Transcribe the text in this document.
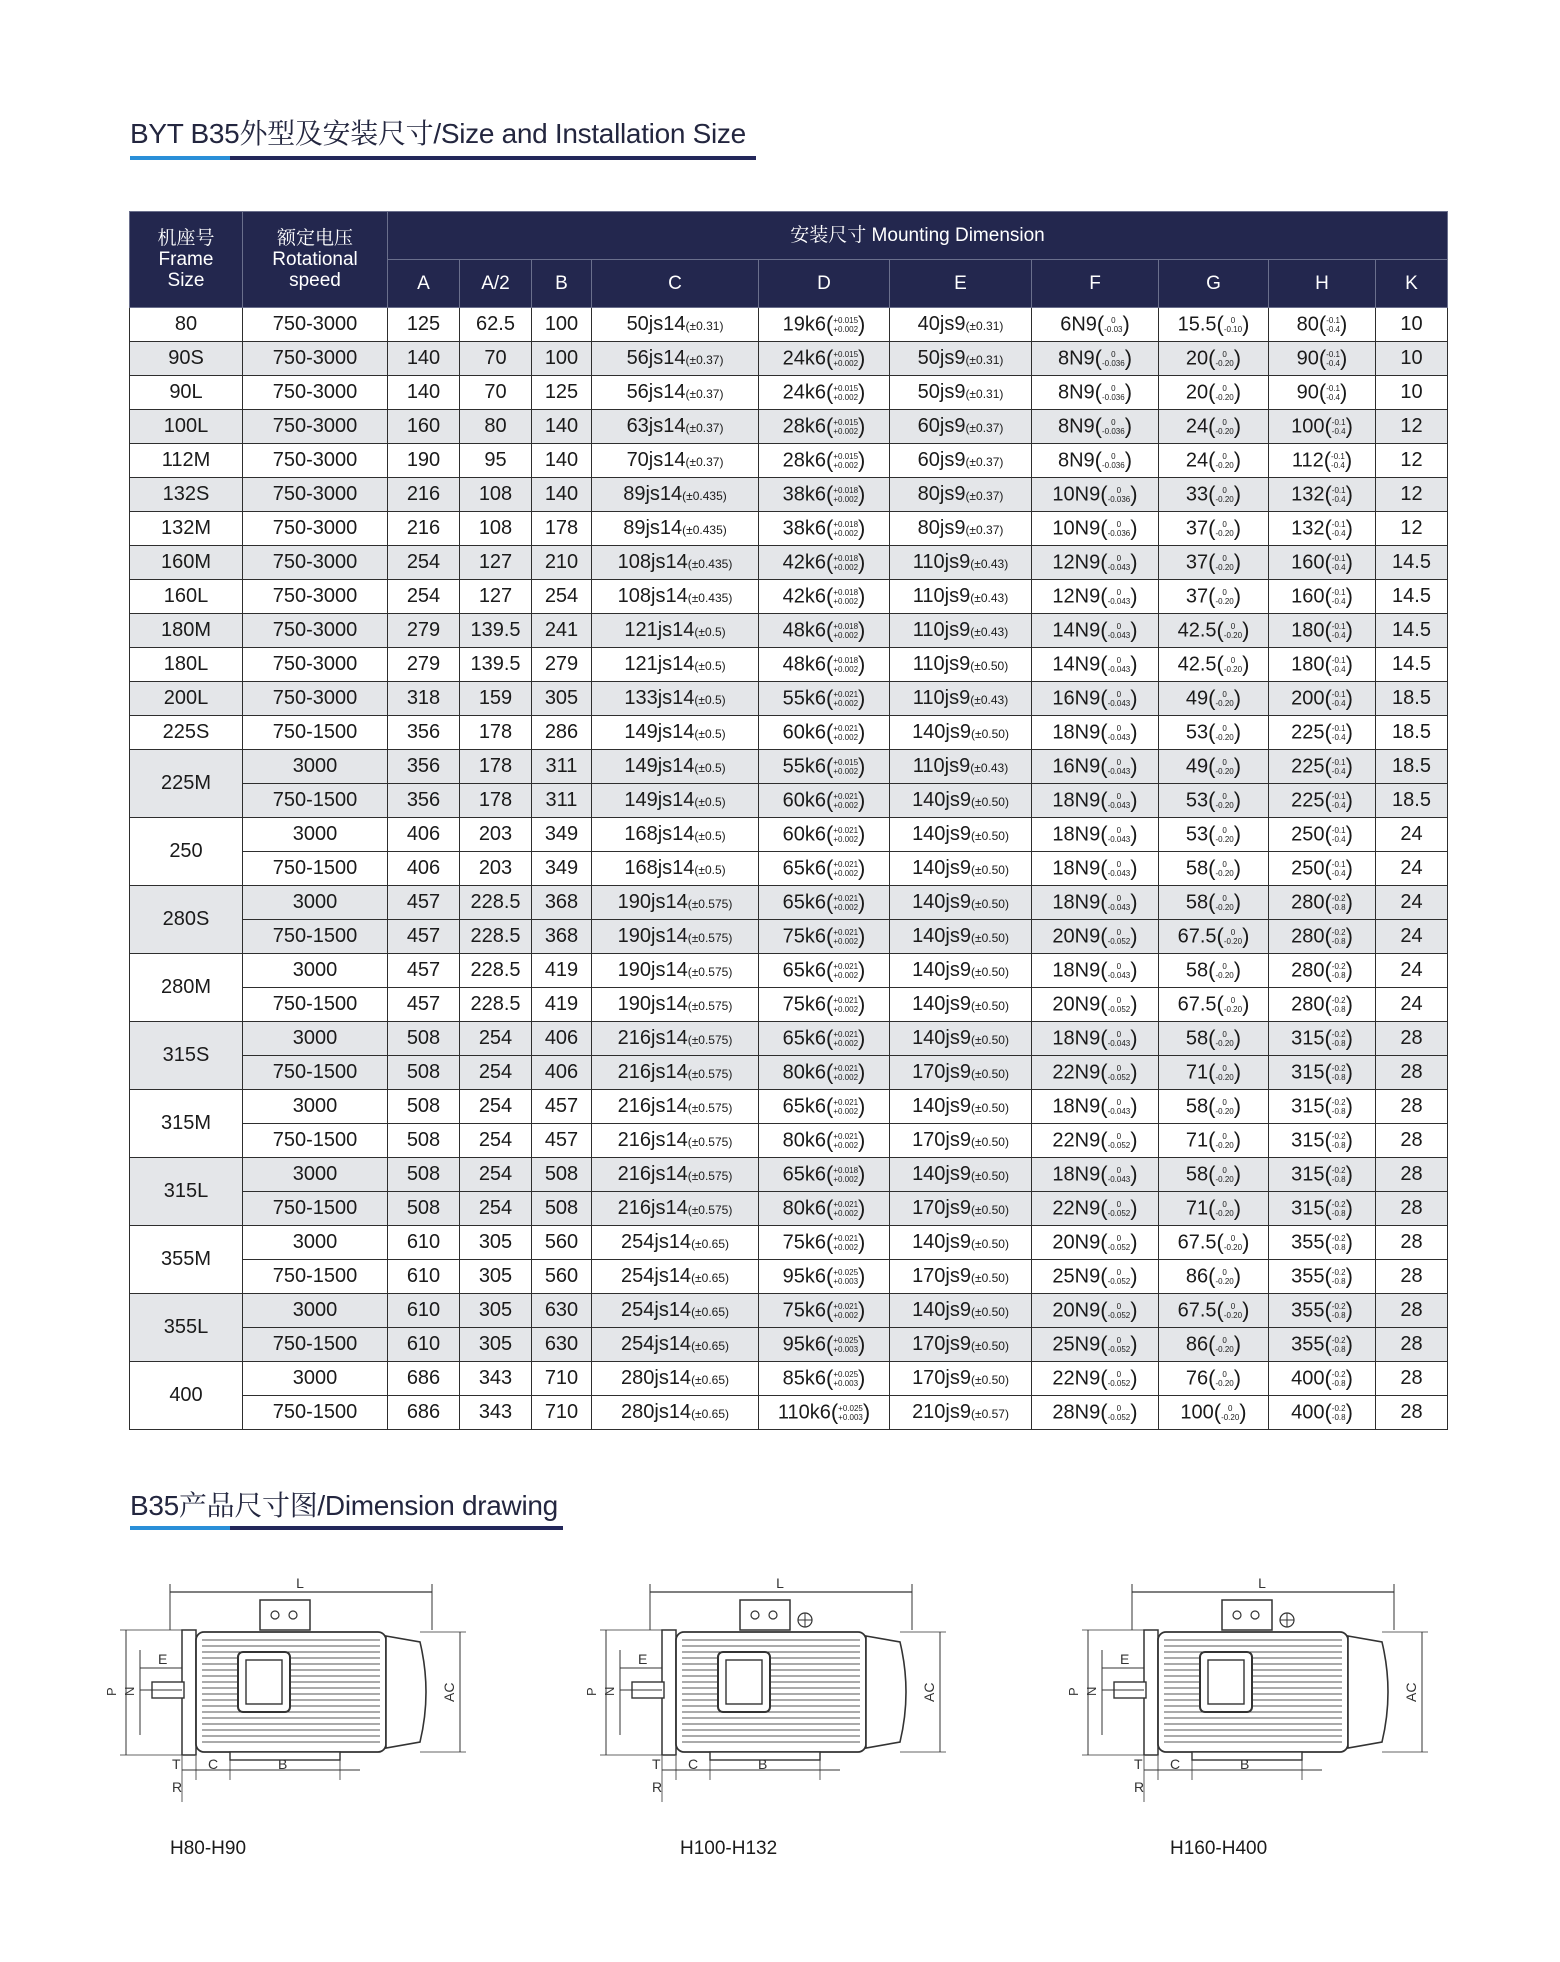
BYT B35外型及安装尺寸/Size and Installation Size
机座号
Frame
Size	额定电压
Rotational
speed	安装尺寸 Mounting Dimension									
		A	A/2	B	C	D	E	F	G	H	K
80	750-3000	125	62.5	100	50js14(±0.31)	19k6( +0.015
+0.002 )	40js9(±0.31)	6N9( 0
-0.03 )	15.5( 0
-0.10 )	80( -0.1
-0.4 )	10
90S	750-3000	140	70	100	56js14(±0.37)	24k6( +0.015
+0.002 )	50js9(±0.31)	8N9( 0
-0.036 )	20( 0
-0.20 )	90( -0.1
-0.4 )	10
90L	750-3000	140	70	125	56js14(±0.37)	24k6( +0.015
+0.002 )	50js9(±0.31)	8N9( 0
-0.036 )	20( 0
-0.20 )	90( -0.1
-0.4 )	10
100L	750-3000	160	80	140	63js14(±0.37)	28k6( +0.015
+0.002 )	60js9(±0.37)	8N9( 0
-0.036 )	24( 0
-0.20 )	100( -0.1
-0.4 )	12
112M	750-3000	190	95	140	70js14(±0.37)	28k6( +0.015
+0.002 )	60js9(±0.37)	8N9( 0
-0.036 )	24( 0
-0.20 )	112( -0.1
-0.4 )	12
132S	750-3000	216	108	140	89js14(±0.435)	38k6( +0.018
+0.002 )	80js9(±0.37)	10N9( 0
-0.036 )	33( 0
-0.20 )	132( -0.1
-0.4 )	12
132M	750-3000	216	108	178	89js14(±0.435)	38k6( +0.018
+0.002 )	80js9(±0.37)	10N9( 0
-0.036 )	37( 0
-0.20 )	132( -0.1
-0.4 )	12
160M	750-3000	254	127	210	108js14(±0.435)	42k6( +0.018
+0.002 )	110js9(±0.43)	12N9( 0
-0.043 )	37( 0
-0.20 )	160( -0.1
-0.4 )	14.5
160L	750-3000	254	127	254	108js14(±0.435)	42k6( +0.018
+0.002 )	110js9(±0.43)	12N9( 0
-0.043 )	37( 0
-0.20 )	160( -0.1
-0.4 )	14.5
180M	750-3000	279	139.5	241	121js14(±0.5)	48k6( +0.018
+0.002 )	110js9(±0.43)	14N9( 0
-0.043 )	42.5( 0
-0.20 )	180( -0.1
-0.4 )	14.5
180L	750-3000	279	139.5	279	121js14(±0.5)	48k6( +0.018
+0.002 )	110js9(±0.50)	14N9( 0
-0.043 )	42.5( 0
-0.20 )	180( -0.1
-0.4 )	14.5
200L	750-3000	318	159	305	133js14(±0.5)	55k6( +0.021
+0.002 )	110js9(±0.43)	16N9( 0
-0.043 )	49( 0
-0.20 )	200( -0.1
-0.4 )	18.5
225S	750-1500	356	178	286	149js14(±0.5)	60k6( +0.021
+0.002 )	140js9(±0.50)	18N9( 0
-0.043 )	53( 0
-0.20 )	225( -0.1
-0.4 )	18.5
225M	3000	356	178	311	149js14(±0.5)	55k6( +0.015
+0.002 )	110js9(±0.43)	16N9( 0
-0.043 )	49( 0
-0.20 )	225( -0.1
-0.4 )	18.5
	750-1500	356	178	311	149js14(±0.5)	60k6( +0.021
+0.002 )	140js9(±0.50)	18N9( 0
-0.043 )	53( 0
-0.20 )	225( -0.1
-0.4 )	18.5
250	3000	406	203	349	168js14(±0.5)	60k6( +0.021
+0.002 )	140js9(±0.50)	18N9( 0
-0.043 )	53( 0
-0.20 )	250( -0.1
-0.4 )	24
	750-1500	406	203	349	168js14(±0.5)	65k6( +0.021
+0.002 )	140js9(±0.50)	18N9( 0
-0.043 )	58( 0
-0.20 )	250( -0.1
-0.4 )	24
280S	3000	457	228.5	368	190js14(±0.575)	65k6( +0.021
+0.002 )	140js9(±0.50)	18N9( 0
-0.043 )	58( 0
-0.20 )	280( -0.2
-0.8 )	24
	750-1500	457	228.5	368	190js14(±0.575)	75k6( +0.021
+0.002 )	140js9(±0.50)	20N9( 0
-0.052 )	67.5( 0
-0.20 )	280( -0.2
-0.8 )	24
280M	3000	457	228.5	419	190js14(±0.575)	65k6( +0.021
+0.002 )	140js9(±0.50)	18N9( 0
-0.043 )	58( 0
-0.20 )	280( -0.2
-0.8 )	24
	750-1500	457	228.5	419	190js14(±0.575)	75k6( +0.021
+0.002 )	140js9(±0.50)	20N9( 0
-0.052 )	67.5( 0
-0.20 )	280( -0.2
-0.8 )	24
315S	3000	508	254	406	216js14(±0.575)	65k6( +0.021
+0.002 )	140js9(±0.50)	18N9( 0
-0.043 )	58( 0
-0.20 )	315( -0.2
-0.8 )	28
	750-1500	508	254	406	216js14(±0.575)	80k6( +0.021
+0.002 )	170js9(±0.50)	22N9( 0
-0.052 )	71( 0
-0.20 )	315( -0.2
-0.8 )	28
315M	3000	508	254	457	216js14(±0.575)	65k6( +0.021
+0.002 )	140js9(±0.50)	18N9( 0
-0.043 )	58( 0
-0.20 )	315( -0.2
-0.8 )	28
	750-1500	508	254	457	216js14(±0.575)	80k6( +0.021
+0.002 )	170js9(±0.50)	22N9( 0
-0.052 )	71( 0
-0.20 )	315( -0.2
-0.8 )	28
315L	3000	508	254	508	216js14(±0.575)	65k6( +0.018
+0.002 )	140js9(±0.50)	18N9( 0
-0.043 )	58( 0
-0.20 )	315( -0.2
-0.8 )	28
	750-1500	508	254	508	216js14(±0.575)	80k6( +0.021
+0.002 )	170js9(±0.50)	22N9( 0
-0.052 )	71( 0
-0.20 )	315( -0.2
-0.8 )	28
355M	3000	610	305	560	254js14(±0.65)	75k6( +0.021
+0.002 )	140js9(±0.50)	20N9( 0
-0.052 )	67.5( 0
-0.20 )	355( -0.2
-0.8 )	28
	750-1500	610	305	560	254js14(±0.65)	95k6( +0.025
+0.003 )	170js9(±0.50)	25N9( 0
-0.052 )	86( 0
-0.20 )	355( -0.2
-0.8 )	28
355L	3000	610	305	630	254js14(±0.65)	75k6( +0.021
+0.002 )	140js9(±0.50)	20N9( 0
-0.052 )	67.5( 0
-0.20 )	355( -0.2
-0.8 )	28
	750-1500	610	305	630	254js14(±0.65)	95k6( +0.025
+0.003 )	170js9(±0.50)	25N9( 0
-0.052 )	86( 0
-0.20 )	355( -0.2
-0.8 )	28
400	3000	686	343	710	280js14(±0.65)	85k6( +0.025
+0.003 )	170js9(±0.50)	22N9( 0
-0.052 )	76( 0
-0.20 )	400( -0.2
-0.8 )	28
	750-1500	686	343	710	280js14(±0.65)	110k6( +0.025
+0.003 )	210js9(±0.57)	28N9( 0
-0.052 )	100( 0
-0.20 )	400( -0.2
-0.8 )	28
B35产品尺寸图/Dimension drawing
L
P N
E
AC
T C	B
R
H80-H90
L
P N
E
AC
T C	B
R
H100-H132
L
P N
E
AC
T C	B
R
H160-H400
